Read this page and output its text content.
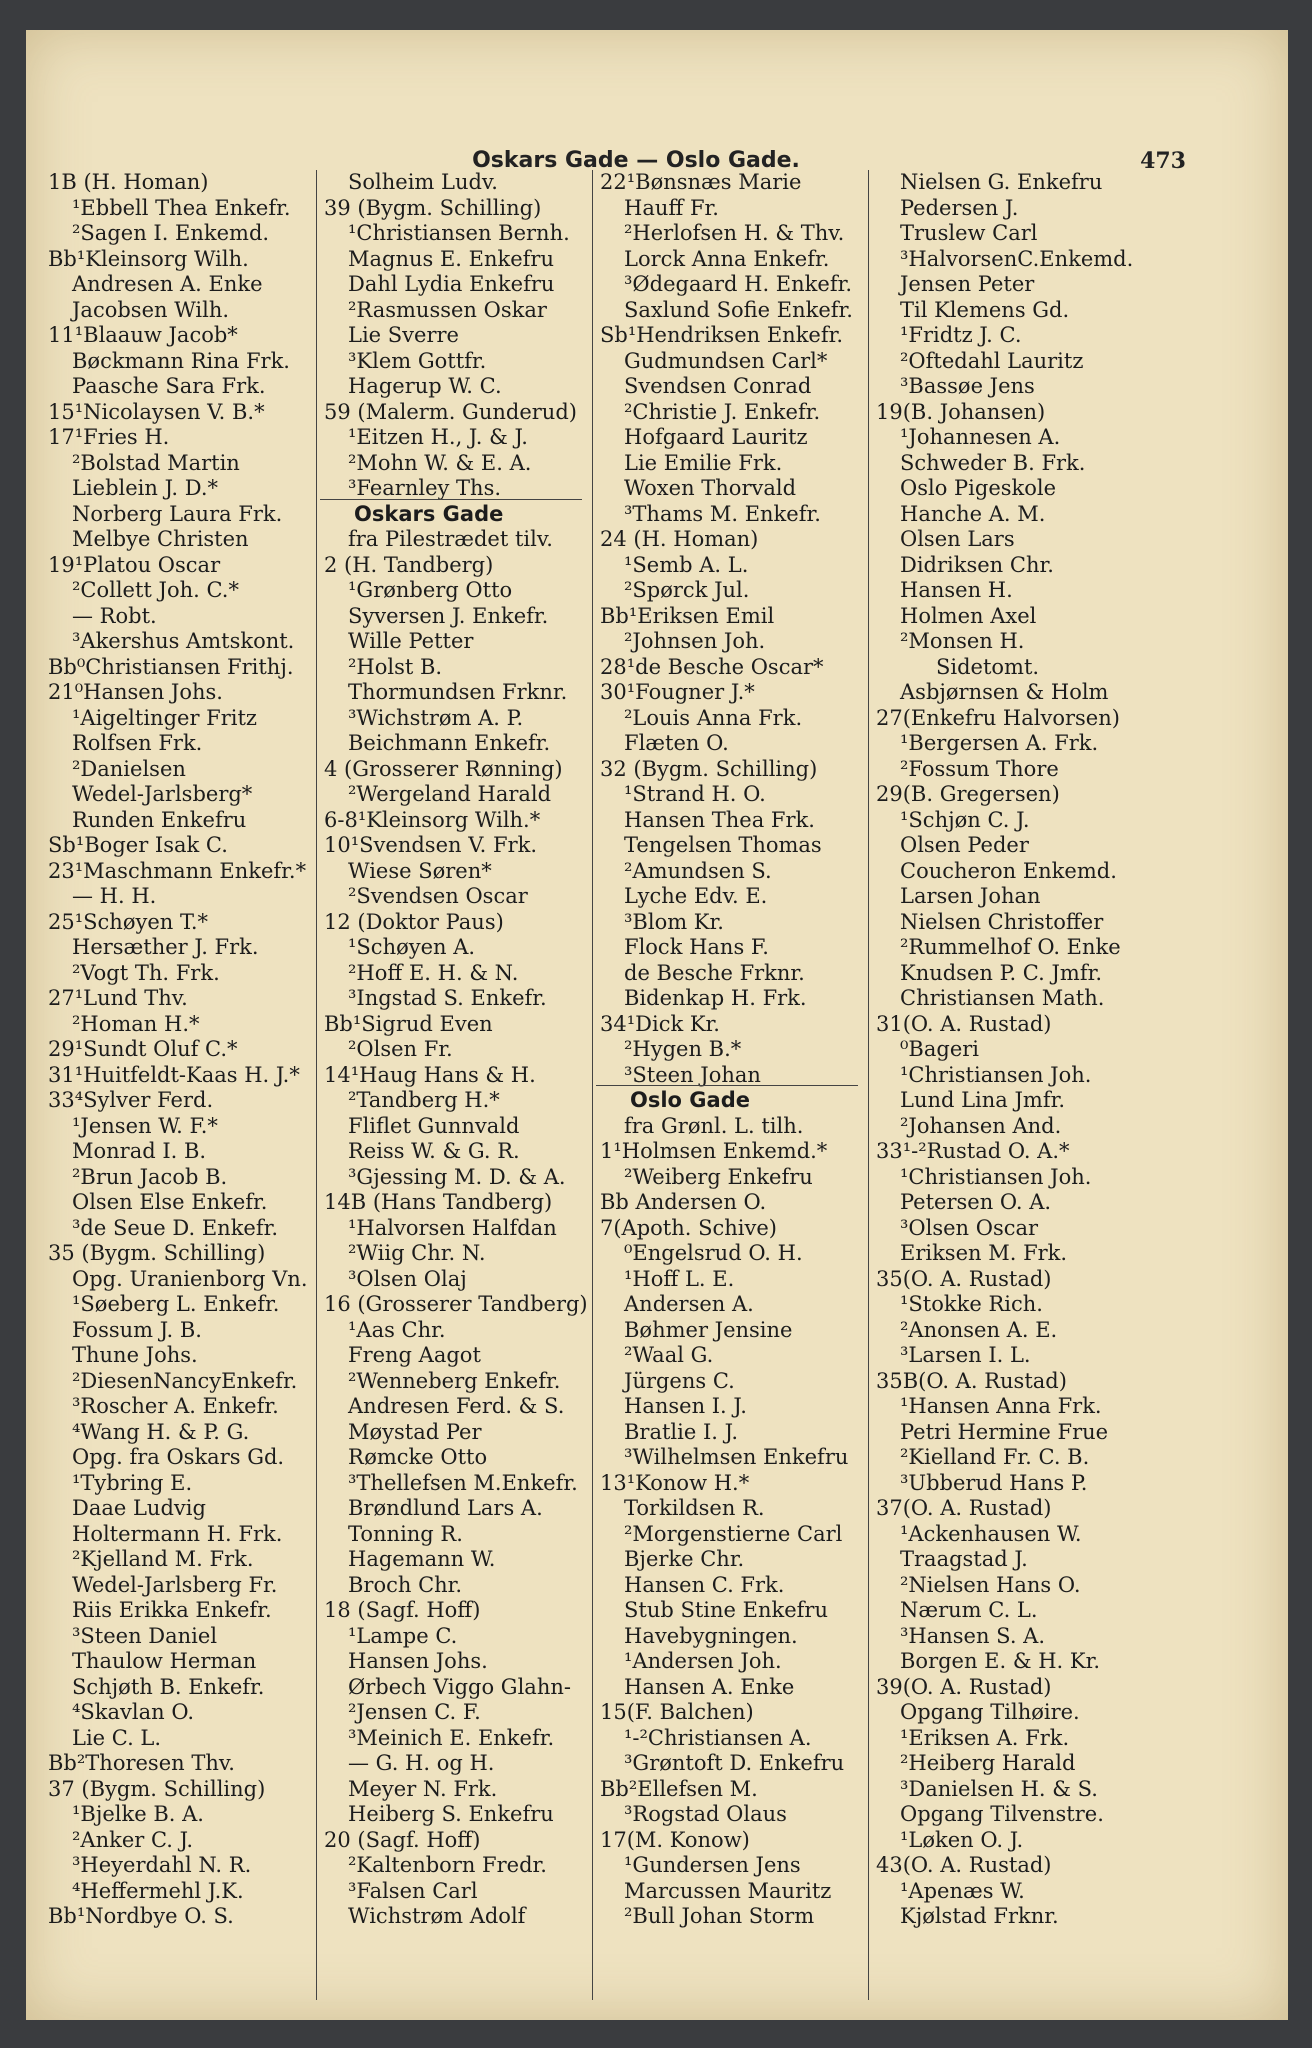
Oskars Gade — Oslo Gade.	473
1B (H. Homan)
¹Ebbell Thea Enkefr.
²Sagen I. Enkemd.
Bb¹Kleinsorg Wilh.
Andresen A. Enke
Jacobsen Wilh.
11¹Blaauw Jacob*
Bøckmann Rina Frk.
Paasche Sara Frk.
15¹Nicolaysen V. B.*
17¹Fries H.
²Bolstad Martin
Lieblein J. D.*
Norberg Laura Frk.
Melbye Christen
19¹Platou Oscar
²Collett Joh. C.*
— Robt.
³Akershus Amtskont.
Bb⁰Christiansen Frithj.
21⁰Hansen Johs.
¹Aigeltinger Fritz
Rolfsen Frk.
²Danielsen
Wedel-Jarlsberg*
Runden Enkefru
Sb¹Boger Isak C.
23¹Maschmann Enkefr.*
— H. H.
25¹Schøyen T.*
Hersæther J. Frk.
²Vogt Th. Frk.
27¹Lund Thv.
²Homan H.*
29¹Sundt Oluf C.*
31¹Huitfeldt-Kaas H. J.*
33⁴Sylver Ferd.
¹Jensen W. F.*
Monrad I. B.
²Brun Jacob B.
Olsen Else Enkefr.
³de Seue D. Enkefr.
35 (Bygm. Schilling)
Opg. Uranienborg Vn.
¹Søeberg L. Enkefr.
Fossum J. B.
Thune Johs.
²DiesenNancyEnkefr.
³Roscher A. Enkefr.
⁴Wang H. & P. G.
Opg. fra Oskars Gd.
¹Tybring E.
Daae Ludvig
Holtermann H. Frk.
²Kjelland M. Frk.
Wedel-Jarlsberg Fr.
Riis Erikka Enkefr.
³Steen Daniel
Thaulow Herman
Schjøth B. Enkefr.
⁴Skavlan O.
Lie C. L.
Bb²Thoresen Thv.
37 (Bygm. Schilling)
¹Bjelke B. A.
²Anker C. J.
³Heyerdahl N. R.
⁴Heffermehl J.K.
Bb¹Nordbye O. S.
Solheim Ludv.
39 (Bygm. Schilling)
¹Christiansen Bernh.
Magnus E. Enkefru
Dahl Lydia Enkefru
²Rasmussen Oskar
Lie Sverre
³Klem Gottfr.
Hagerup W. C.
59 (Malerm. Gunderud)
¹Eitzen H., J. & J.
²Mohn W. & E. A.
³Fearnley Ths.
Oskars Gade
fra Pilestrædet tilv.
2 (H. Tandberg)
¹Grønberg Otto
Syversen J. Enkefr.
Wille Petter
²Holst B.
Thormundsen Frknr.
³Wichstrøm A. P.
Beichmann Enkefr.
4 (Grosserer Rønning)
²Wergeland Harald
6-8¹Kleinsorg Wilh.*
10¹Svendsen V. Frk.
Wiese Søren*
²Svendsen Oscar
12 (Doktor Paus)
¹Schøyen A.
²Hoff E. H. & N.
³Ingstad S. Enkefr.
Bb¹Sigrud Even
²Olsen Fr.
14¹Haug Hans & H.
²Tandberg H.*
Fliflet Gunnvald
Reiss W. & G. R.
³Gjessing M. D. & A.
14B (Hans Tandberg)
¹Halvorsen Halfdan
²Wiig Chr. N.
³Olsen Olaj
16 (Grosserer Tandberg)
¹Aas Chr.
Freng Aagot
²Wenneberg Enkefr.
Andresen Ferd. & S.
Møystad Per
Rømcke Otto
³Thellefsen M.Enkefr.
Brøndlund Lars A.
Tonning R.
Hagemann W.
Broch Chr.
18 (Sagf. Hoff)
¹Lampe C.
Hansen Johs.
Ørbech Viggo Glahn-
²Jensen C. F.
³Meinich E. Enkefr.
— G. H. og H.
Meyer N. Frk.
Heiberg S. Enkefru
20 (Sagf. Hoff)
²Kaltenborn Fredr.
³Falsen Carl
Wichstrøm Adolf
22¹Bønsnæs Marie
Hauff Fr.
²Herlofsen H. & Thv.
Lorck Anna Enkefr.
³Ødegaard H. Enkefr.
Saxlund Sofie Enkefr.
Sb¹Hendriksen Enkefr.
Gudmundsen Carl*
Svendsen Conrad
²Christie J. Enkefr.
Hofgaard Lauritz
Lie Emilie Frk.
Woxen Thorvald
³Thams M. Enkefr.
24 (H. Homan)
¹Semb A. L.
²Spørck Jul.
Bb¹Eriksen Emil
²Johnsen Joh.
28¹de Besche Oscar*
30¹Fougner J.*
²Louis Anna Frk.
Flæten O.
32 (Bygm. Schilling)
¹Strand H. O.
Hansen Thea Frk.
Tengelsen Thomas
²Amundsen S.
Lyche Edv. E.
³Blom Kr.
Flock Hans F.
de Besche Frknr.
Bidenkap H. Frk.
34¹Dick Kr.
²Hygen B.*
³Steen Johan
Oslo Gade
fra Grønl. L. tilh.
1¹Holmsen Enkemd.*
²Weiberg Enkefru
Bb Andersen O.
7(Apoth. Schive)
⁰Engelsrud O. H.
¹Hoff L. E.
Andersen A.
Bøhmer Jensine
²Waal G.
Jürgens C.
Hansen I. J.
Bratlie I. J.
³Wilhelmsen Enkefru
13¹Konow H.*
Torkildsen R.
²Morgenstierne Carl
Bjerke Chr.
Hansen C. Frk.
Stub Stine Enkefru
Havebygningen.
¹Andersen Joh.
Hansen A. Enke
15(F. Balchen)
¹-²Christiansen A.
³Grøntoft D. Enkefru
Bb²Ellefsen M.
³Rogstad Olaus
17(M. Konow)
¹Gundersen Jens
Marcussen Mauritz
²Bull Johan Storm
Nielsen G. Enkefru
Pedersen J.
Truslew Carl
³HalvorsenC.Enkemd.
Jensen Peter
Til Klemens Gd.
¹Fridtz J. C.
²Oftedahl Lauritz
³Bassøe Jens
19(B. Johansen)
¹Johannesen A.
Schweder B. Frk.
Oslo Pigeskole
Hanche A. M.
Olsen Lars
Didriksen Chr.
Hansen H.
Holmen Axel
²Monsen H.
Sidetomt.
Asbjørnsen & Holm
27(Enkefru Halvorsen)
¹Bergersen A. Frk.
²Fossum Thore
29(B. Gregersen)
¹Schjøn C. J.
Olsen Peder
Coucheron Enkemd.
Larsen Johan
Nielsen Christoffer
²Rummelhof O. Enke
Knudsen P. C. Jmfr.
Christiansen Math.
31(O. A. Rustad)
⁰Bageri
¹Christiansen Joh.
Lund Lina Jmfr.
²Johansen And.
33¹-²Rustad O. A.*
¹Christiansen Joh.
Petersen O. A.
³Olsen Oscar
Eriksen M. Frk.
35(O. A. Rustad)
¹Stokke Rich.
²Anonsen A. E.
³Larsen I. L.
35B(O. A. Rustad)
¹Hansen Anna Frk.
Petri Hermine Frue
²Kielland Fr. C. B.
³Ubberud Hans P.
37(O. A. Rustad)
¹Ackenhausen W.
Traagstad J.
²Nielsen Hans O.
Nærum C. L.
³Hansen S. A.
Borgen E. & H. Kr.
39(O. A. Rustad)
Opgang Tilhøire.
¹Eriksen A. Frk.
²Heiberg Harald
³Danielsen H. & S.
Opgang Tilvenstre.
¹Løken O. J.
43(O. A. Rustad)
¹Apenæs W.
Kjølstad Frknr.
